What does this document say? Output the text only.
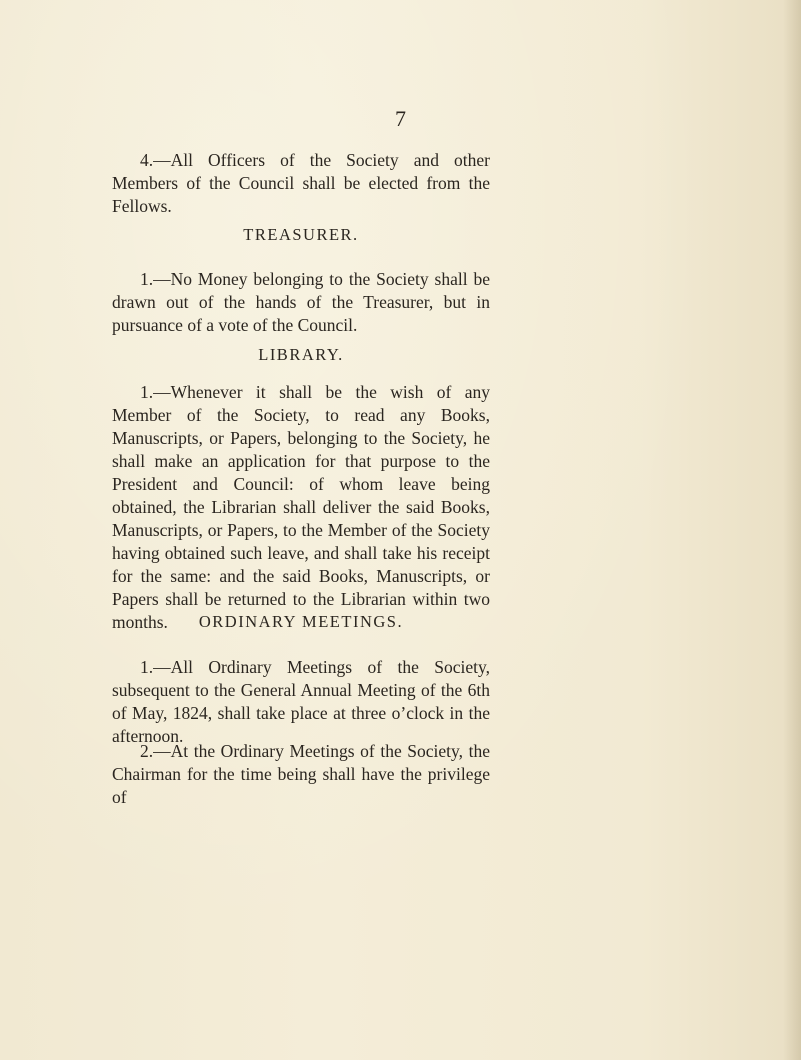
7

4.—All Officers of the Society and other Members of the Council shall be elected from the Fellows.

TREASURER.

1.—No Money belonging to the Society shall be drawn out of the hands of the Treasurer, but in pursuance of a vote of the Council.

LIBRARY.

1.—Whenever it shall be the wish of any Member of the Society, to read any Books, Manuscripts, or Papers, belonging to the Society, he shall make an application for that purpose to the President and Council: of whom leave being obtained, the Librarian shall deliver the said Books, Manuscripts, or Papers, to the Member of the Society having obtained such leave, and shall take his receipt for the same: and the said Books, Manuscripts, or Papers shall be returned to the Librarian within two months.	ORDINARY MEETINGS.

1.—All Ordinary Meetings of the Society, subsequent to the General Annual Meeting of the 6th of May, 1824, shall take place at three o’clock in the afternoon.

2.—At the Ordinary Meetings of the Society, the Chairman for the time being shall have the privilege of
